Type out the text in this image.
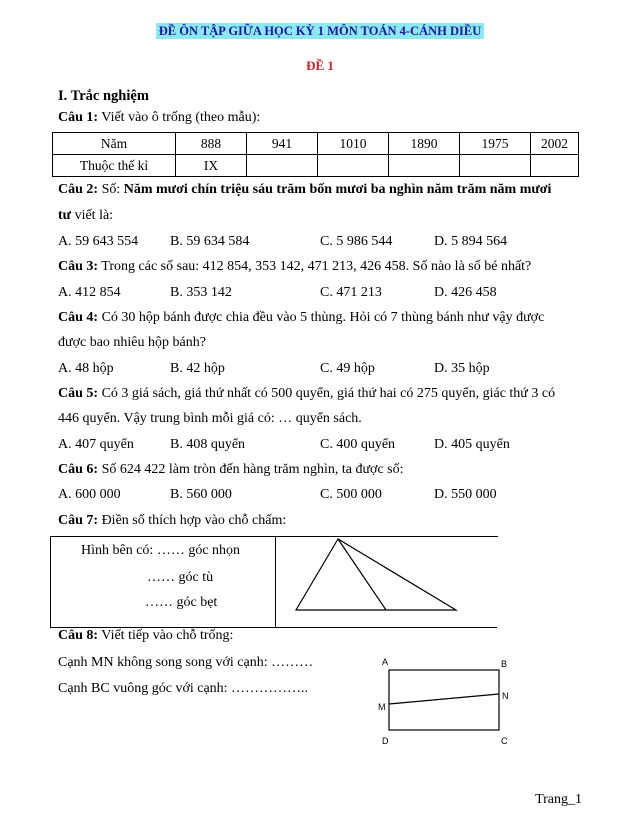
ĐỀ ÔN TẬP GIỮA HỌC KỲ 1 MÔN TOÁN 4-CÁNH DIỀU
ĐỀ 1
I. Trắc nghiệm
Câu 1: Viết vào ô trống (theo mẫu):
Năm	888	941	1010	1890	1975	2002
Thuộc thế kỉ	IX					
Câu 2: Số: Năm mươi chín triệu sáu trăm bốn mươi ba nghìn năm trăm năm mươi
tư viết là:
A. 59 643 554 B. 59 634 584	C. 5 986 544	D. 5 894 564
Câu 3: Trong các số sau: 412 854, 353 142, 471 213, 426 458. Số nào là số bé nhất?
A. 412 854	B. 353 142	C. 471 213	D. 426 458
Câu 4: Có 30 hộp bánh được chia đều vào 5 thùng. Hỏi có 7 thùng bánh như vậy được
được bao nhiêu hộp bánh?
A. 48 hộp	B. 42 hộp	C. 49 hộp	D. 35 hộp
Câu 5: Có 3 giá sách, giá thứ nhất có 500 quyển, giá thứ hai có 275 quyển, giác thứ 3 có
446 quyển. Vậy trung bình mỗi giá có: … quyển sách.
A. 407 quyển	B. 408 quyển	C. 400 quyển	D. 405 quyển
Câu 6: Số 624 422 làm tròn đến hàng trăm nghìn, ta được số:
A. 600 000	B. 560 000	C. 500 000	D. 550 000
Câu 7: Điền số thích hợp vào chỗ chấm:
Hình bên có: …… góc nhọn
…… góc tù
…… góc bẹt
Câu 8: Viết tiếp vào chỗ trống:
Cạnh MN không song song với cạnh: ………
Cạnh BC vuông góc với cạnh: ……………..
A	B
M
N
D	C
Trang_1
